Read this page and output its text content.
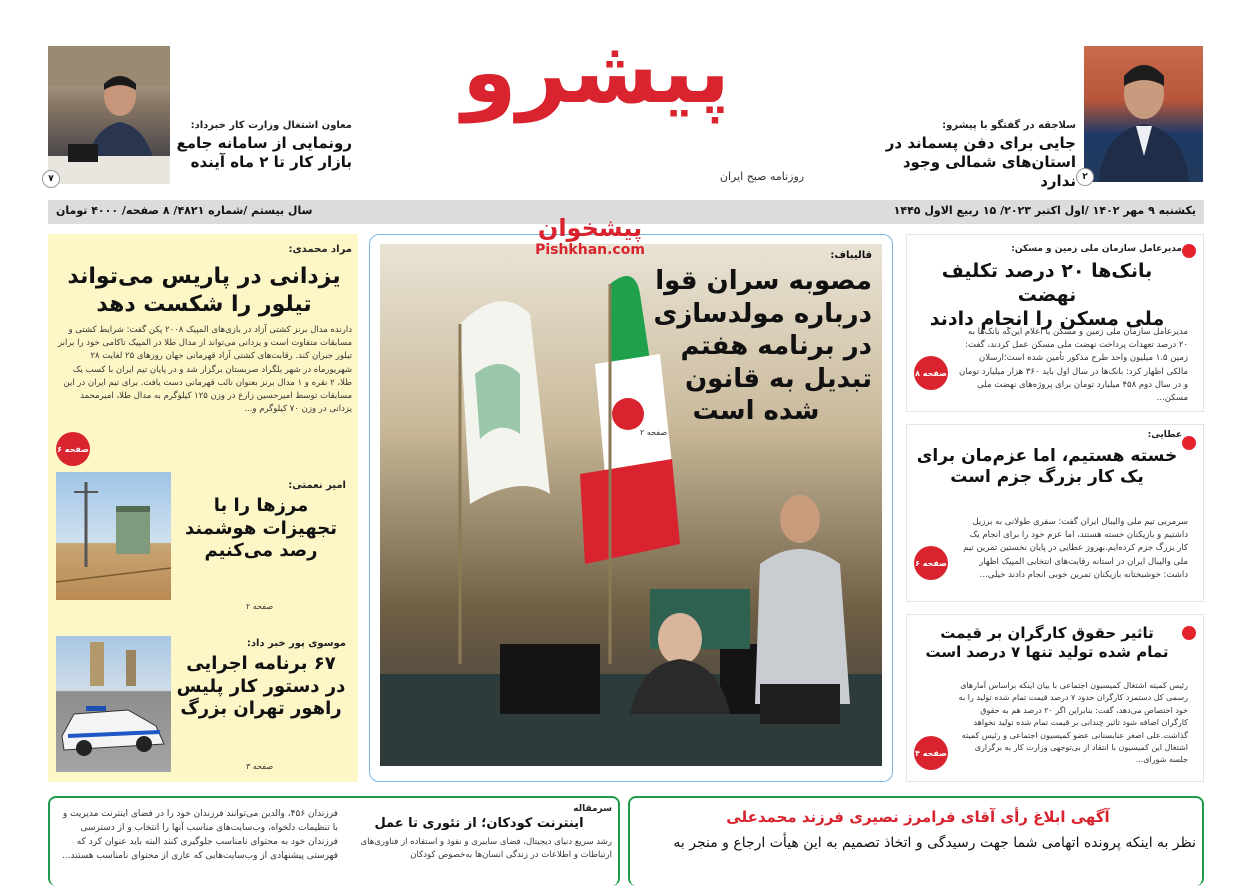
۲
سلاجقه در گفتگو با پیشرو:
جایی برای دفن پسماند در
استان‌های شمالی وجود ندارد
پیشرو
روزنامه صبح ایران
۷
معاون اشتغال وزارت کار خبرداد:
رونمایی از سامانه جامع
بازار کار تا ۲ ماه آینده
یکشنبه ۹ مهر ۱۴۰۲ /اول اکتبر ۲۰۲۳/ ۱۵ ربیع الاول ۱۴۴۵
سال بیستم /شماره ۴۸۲۱/ ۸ صفحه/ ۴۰۰۰ تومان
مراد محمدی:
یزدانی در پاریس می‌تواند
تیلور را شکست دهد
دارنده مدال برنز کشتی آزاد در بازی‌های المپیک ۲۰۰۸ پکن گفت: شرایط کشتی و مسابقات متفاوت است و یزدانی می‌تواند از مدال طلا در المپیک تاکامی خود را برابر تیلور جبران کند. رقابت‌های کشتی آزاد قهرمانی جهان روزهای ۲۵ لغایت ۲۸ شهریورماه در شهر بلگراد صربستان برگزار شد و در پایان تیم ایران با کسب یک طلا، ۲ نقره و ۱ مدال برنز بعنوان نائب قهرمانی دست یافت. برای تیم ایران در این مسابقات توسط امیرحسین زارع در وزن ۱۲۵ کیلوگرم به مدال طلا، امیرمحمد یزدانی در وزن ۷۰ کیلوگرم و...
صفحه ۶
امیر نعمتی:
مرزها را با
تجهیزات هوشمند
رصد می‌کنیم
صفحه ۲
موسوی پور خبر داد:
۶۷ برنامه اجرایی
در دستور کار پلیس
راهور تهران بزرگ
صفحه ۳
پیشخوان
Pishkhan.com	قالیباف:
مصوبه سران قوا
درباره مولدسازی
در برنامه هفتم
تبدیل به قانون
شده است
صفحه ۲
مدیرعامل سازمان ملی زمین و مسکن:
بانک‌ها ۲۰ درصد تکلیف نهضت
ملی مسکن را انجام دادند
مدیرعامل سازمان ملی زمین و مسکن با اعلام این‌که بانک‌ها به ۲۰ درصد تعهدات پرداخت نهضت ملی مسکن عمل کردند، گفت: زمین ۱.۵ میلیون واحد طرح مذکور تأمین شده است؛ارسلان مالکی اظهار کرد: بانک‌ها در سال اول باید ۳۶۰ هزار میلیارد تومان و در سال دوم ۴۵۸ میلیارد تومان برای پروژه‌های نهضت ملی مسکن...
صفحه ۸
عطایی:
خسته هستیم، اما عزم‌مان برای
یک کار بزرگ جزم است
سرمربی تیم ملی والیبال ایران گفت: سفری طولانی به برزیل داشتیم و بازیکنان خسته هستند، اما عزم خود را برای انجام یک کار بزرگ جزم کرده‌ایم.بهروز عطایی در پایان نخستین تمرین تیم ملی والیبال ایران در استانه رقابت‌های انتخابی المپیک اظهار داشت: خوشبختانه بازیکنان تمرین خوبی انجام دادند خیلی...
صفحه ۶
تاثیر حقوق کارگران بر قیمت
تمام شده تولید تنها ۷ درصد است
رئیس کمیته اشتغال کمیسیون اجتماعی با بیان اینکه براساس آمارهای رسمی کل دستمزد کارگران حدود ۷ درصد قیمت تمام شده تولید را به خود اختصاص می‌دهد، گفت: بنابراین اگر ۲۰ درصد هم به حقوق کارگران اضافه شود تاثیر چندانی بر قیمت تمام شده تولید نخواهد گذاشت.علی اصغر عنابستانی عضو کمیسیون اجتماعی و رئیس کمیته اشتغال این کمیسیون با انتقاد از بی‌توجهی وزارت کار به برگزاری جلسه شورای...
صفحه ۴
فرزندان ۴۵۶، والدین می‌توانند فرزندان خود را در فضای اینترنت مدیریت و با تنظیمات دلخواه، وب‌سایت‌های مناسب آنها را انتخاب و از دسترسی فرزندان خود به محتوای نامناسب جلوگیری کنند البته باید عنوان کرد که فهرستی پیشنهادی از وب‌سایت‌هایی که عاری از محتوای نامناسب هستند...
سرمقاله
اینترنت کودکان؛ از تئوری تا عمل
رشد سریع دنیای دیجیتال، فضای سایبری و نفوذ و استفاده از فناوری‌های ارتباطات و اطلاعات در زندگی انسان‌ها به‌خصوص کودکان
آگهی ابلاغ رأی آقای فرامرز نصیری فرزند محمدعلی
نظر به اینکه پرونده اتهامی شما جهت رسیدگی و اتخاذ تصمیم به این هیأت ارجاع و منجر به
